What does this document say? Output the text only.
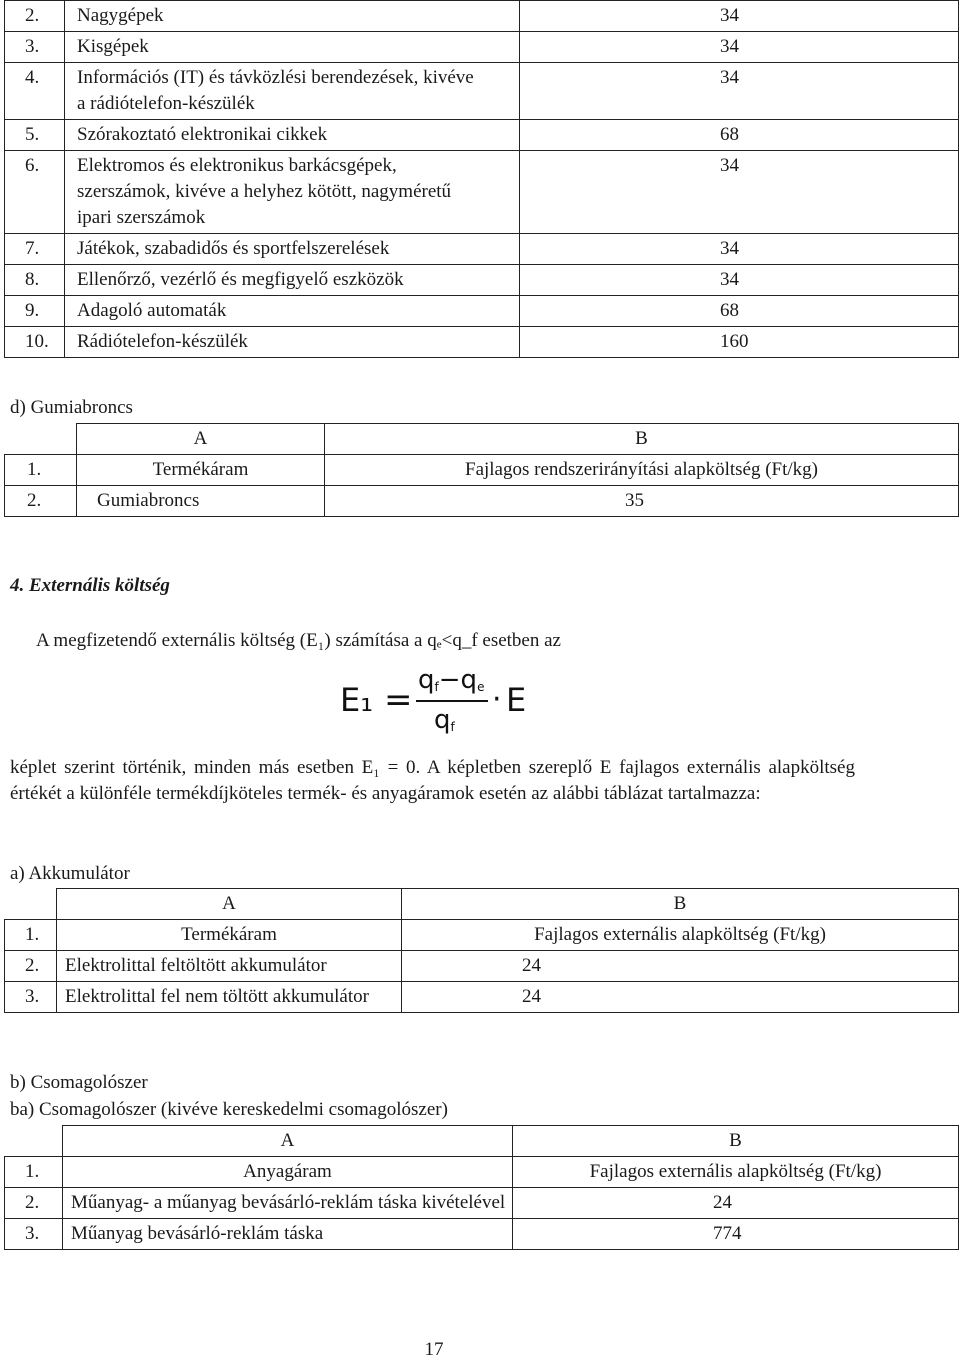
2.	Nagygépek	34
3.	Kisgépek	34
4.	Információs (IT) és távközlési berendezések, kivéve a rádiótelefon-készülék	34
5.	Szórakoztató elektronikai cikkek	68
6.	Elektromos és elektronikus barkácsgépek, szerszámok, kivéve a helyhez kötött, nagyméretű ipari szerszámok	34
7.	Játékok, szabadidős és sportfelszerelések	34
8.	Ellenőrző, vezérlő és megfigyelő eszközök	34
9.	Adagoló automaták	68
10.	Rádiótelefon-készülék	160

d) Gumiabroncs

	A	B
1.	Termékáram	Fajlagos rendszerirányítási alapköltség (Ft/kg)
2.	Gumiabroncs	35

4. Externális költség

A megfizetendő externális költség (E₁) számítása a qₑ<q_f esetben az

$E_1 = q_f-q_e \cdot E$
$q_f$

képlet szerint történik, minden más esetben E₁ = 0. A képletben szereplő E fajlagos externális alapköltség értékét a különféle termékdíjköteles termék- és anyagáramok esetén az alábbi táblázat tartalmazza:

a) Akkumulátor

	A	B
1.	Termékáram	Fajlagos externális alapköltség (Ft/kg)
2.	Elektrolittal feltöltött akkumulátor	24
3.	Elektrolittal fel nem töltött akkumulátor	24

b) Csomagolószer

ba) Csomagolószer (kivéve kereskedelmi csomagolószer)

	A	B
1.	Anyagáram	Fajlagos externális alapköltség (Ft/kg)
2.	Műanyag- a műanyag bevásárló-reklám táska kivételével	24
3.	Műanyag bevásárló-reklám táska	774

17
